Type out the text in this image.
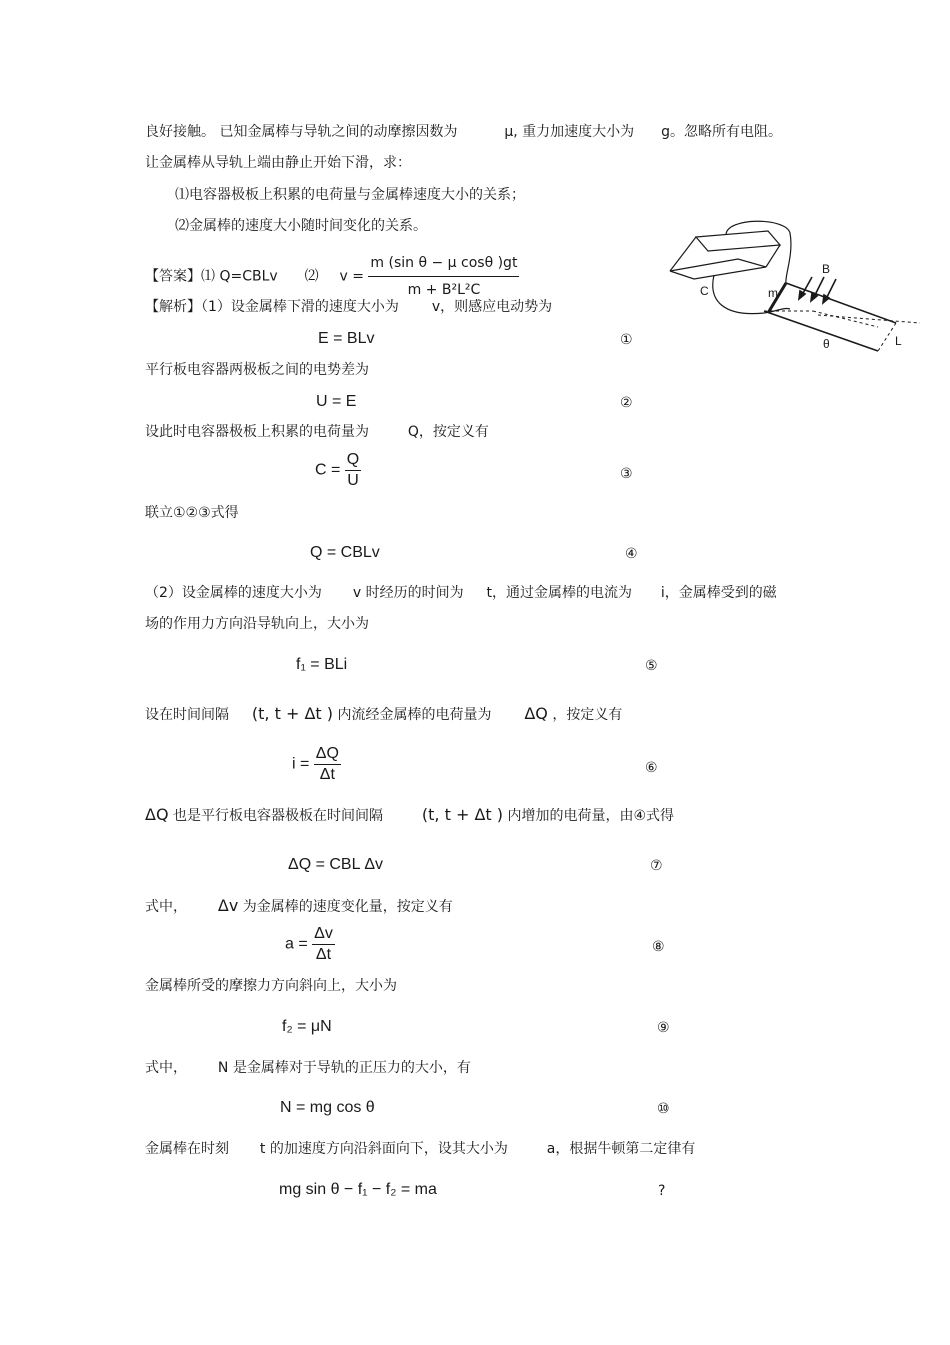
良好接触。 已知金属棒与导轨之间的动摩擦因数为	μ, 重力加速度大小为 g。忽略所有电阻。
让金属棒从导轨上端由静止开始下滑，求：
⑴电容器极板上积累的电荷量与金属棒速度大小的关系；
⑵金属棒的速度大小随时间变化的关系。
【答案】⑴ Q=CBLv ⑵ $v = \frac{\text{m (sin θ − μ cosθ )gt}}{\text{m + B²L²C}}$
【解析】（1）设金属棒下滑的速度大小为 v，则感应电动势为
E = BLv	①
平行板电容器两极板之间的电势差为
U = E	②
设此时电容器极板上积累的电荷量为	Q，按定义有
$C = \frac{Q}{U}$	③
联立①②③式得
Q = CBLv	④
（2）设金属棒的速度大小为 v 时经历的时间为 t，通过金属棒的电流为 i，金属棒受到的磁
场的作用力方向沿导轨向上，大小为
f₁ = BLi	⑤
设在时间间隔 (t, t + Δt ) 内流经金属棒的电荷量为 ΔQ ，按定义有
$i = \frac{\Delta Q}{\Delta t}$	⑥
ΔQ 也是平行板电容器极板在时间间隔 (t, t + Δt ) 内增加的电荷量，由④式得
ΔQ = CBL Δv	⑦
式中， Δv 为金属棒的速度变化量，按定义有
$a = \frac{\Delta v}{\Delta t}$	⑧
金属棒所受的摩擦力方向斜向上，大小为
f₂ = μN	⑨
式中， N 是金属棒对于导轨的正压力的大小，有
N = mg cos θ	⑩
金属棒在时刻 t 的加速度方向沿斜面向下，设其大小为	a，根据牛顿第二定律有
mg sin θ − f₁ − f₂ = ma	?
C
B
m
θ	L
